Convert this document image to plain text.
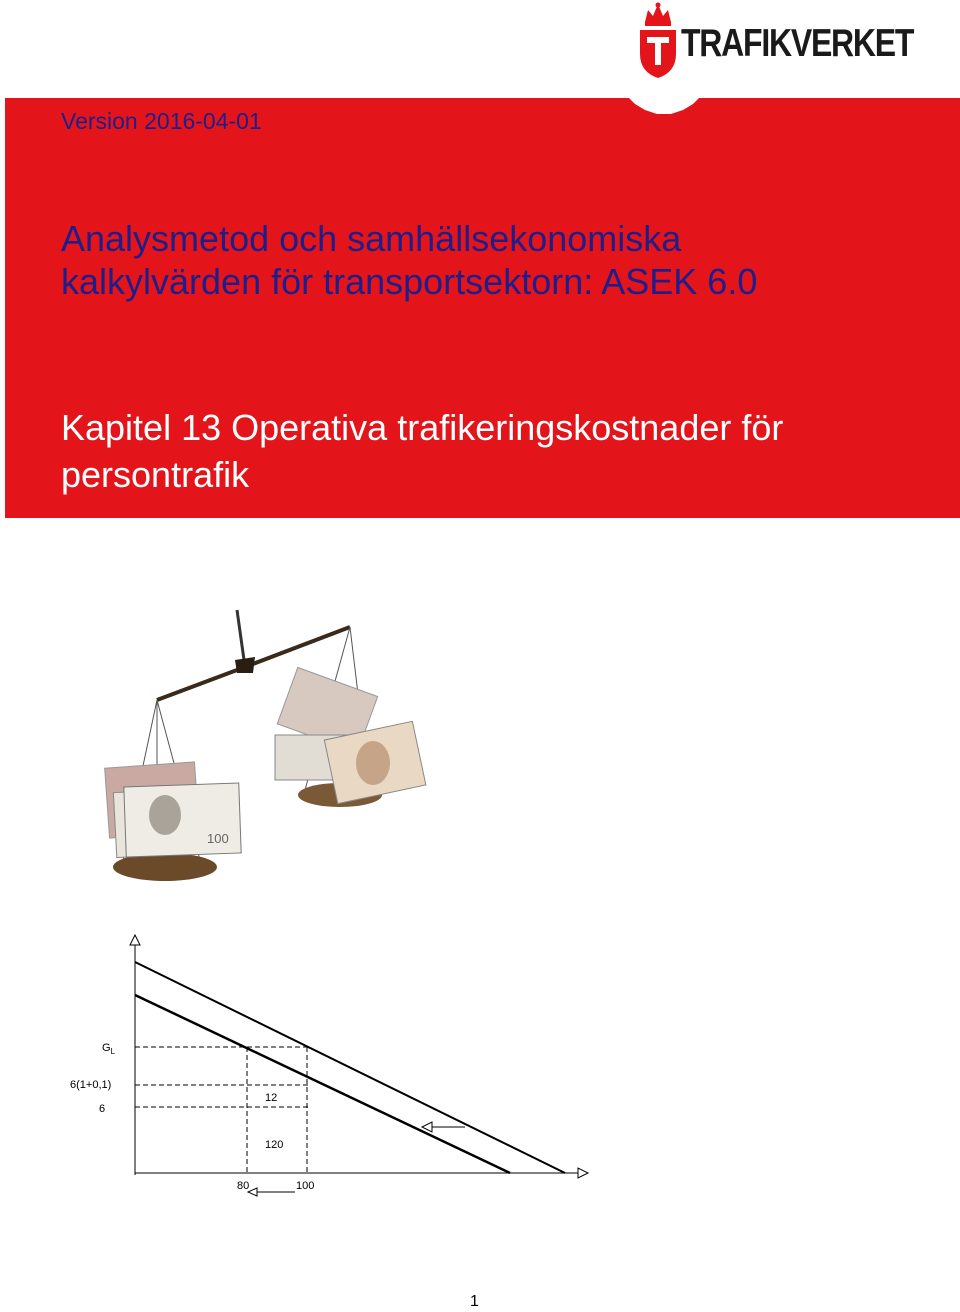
TRAFIKVERKET
Version 2016-04-01
Analysmetod och samhällsekonomiska
kalkylvärden för transportsektorn: ASEK 6.0
Kapitel 13 Operativa trafikeringskostnader för
persontrafik
100
$G_L$
6(1+0,1)
6
12
120
80	100
1
